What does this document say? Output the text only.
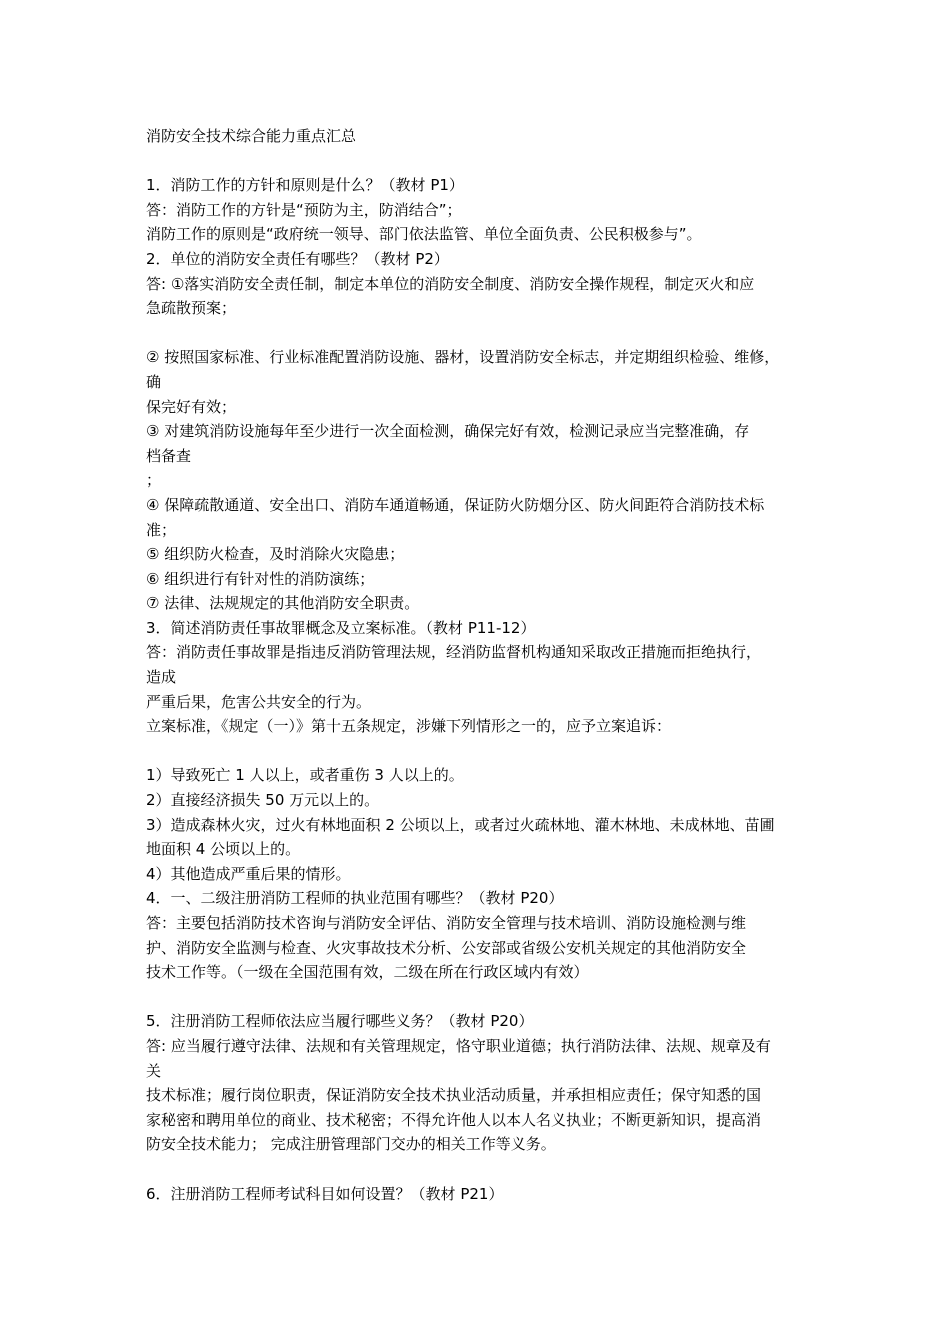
消防安全技术综合能力重点汇总
1．消防工作的方针和原则是什么？（教材 P1）
答：消防工作的方针是“预防为主，防消结合”；
消防工作的原则是“政府统一领导、部门依法监管、单位全面负责、公民积极参与”。
2．单位的消防安全责任有哪些？（教材 P2）
答: ①落实消防安全责任制，制定本单位的消防安全制度、消防安全操作规程，制定灭火和应
急疏散预案；
② 按照国家标准、行业标准配置消防设施、器材，设置消防安全标志，并定期组织检验、维修，
确
保完好有效；
③ 对建筑消防设施每年至少进行一次全面检测，确保完好有效，检测记录应当完整准确，存
档备查
；
④ 保障疏散通道、安全出口、消防车通道畅通，保证防火防烟分区、防火间距符合消防技术标
准；
⑤ 组织防火检查，及时消除火灾隐患；
⑥ 组织进行有针对性的消防演练；
⑦ 法律、法规规定的其他消防安全职责。
3．简述消防责任事故罪概念及立案标准。（教材 P11-12）
答：消防责任事故罪是指违反消防管理法规，经消防监督机构通知采取改正措施而拒绝执行，
造成
严重后果，危害公共安全的行为。
立案标准，《规定（一）》第十五条规定，涉嫌下列情形之一的，应予立案追诉：
1）导致死亡 1 人以上，或者重伤 3 人以上的。
2）直接经济损失 50 万元以上的。
3）造成森林火灾，过火有林地面积 2 公顷以上，或者过火疏林地、灌木林地、未成林地、苗圃
地面积 4 公顷以上的。
4）其他造成严重后果的情形。
4．一、二级注册消防工程师的执业范围有哪些？（教材 P20）
答：主要包括消防技术咨询与消防安全评估、消防安全管理与技术培训、消防设施检测与维
护、消防安全监测与检查、火灾事故技术分析、公安部或省级公安机关规定的其他消防安全
技术工作等。（一级在全国范围有效，二级在所在行政区域内有效）
5．注册消防工程师依法应当履行哪些义务？（教材 P20）
答: 应当履行遵守法律、法规和有关管理规定，恪守职业道德；执行消防法律、法规、规章及有
关
技术标准；履行岗位职责，保证消防安全技术执业活动质量，并承担相应责任；保守知悉的国
家秘密和聘用单位的商业、技术秘密；不得允许他人以本人名义执业；不断更新知识，提高消
防安全技术能力； 完成注册管理部门交办的相关工作等义务。
6．注册消防工程师考试科目如何设置？（教材 P21）
